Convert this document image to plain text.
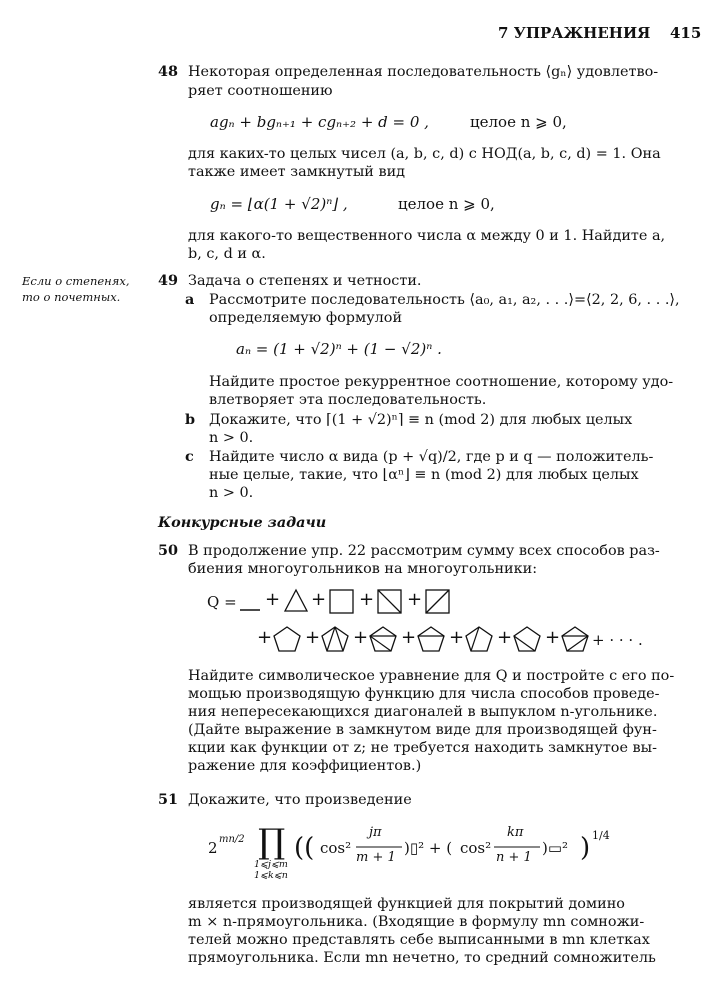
7 УПРАЖНЕНИЯ 415
48 Некоторая определенная последовательность ⟨gₙ⟩ удовлетво-
ряет соотношению
agₙ + bgₙ₊₁ + cgₙ₊₂ + d = 0 ,	целое n ⩾ 0,
для каких-то целых чисел (a, b, c, d) с НОД(a, b, c, d) = 1. Она
также имеет замкнутый вид
gₙ = ⌊α(1 + √2)ⁿ⌋ ,	целое n ⩾ 0,
для какого-то вещественного числа α между 0 и 1. Найдите a,
b, c, d и α.
Если о степенях,
то о почетных.
49 Задача о степенях и четности.
a Рассмотрите последовательность ⟨a₀, a₁, a₂, . . .⟩=⟨2, 2, 6, . . .⟩,
определяемую формулой
aₙ = (1 + √2)ⁿ + (1 − √2)ⁿ .
Найдите простое рекуррентное соотношение, которому удо-
влетворяет эта последовательность.
b Докажите, что ⌈(1 + √2)ⁿ⌉ ≡ n (mod 2) для любых целых
n > 0.
c Найдите число α вида (p + √q)/2, где p и q — положитель-
ные целые, такие, что ⌊αⁿ⌋ ≡ n (mod 2) для любых целых
n > 0.
Конкурсные задачи
50 В продолжение упр. 22 рассмотрим сумму всех способов раз-
биения многоугольников на многоугольники:
Q = + + + +
+ + + + + + + + · · · .
Найдите символическое уравнение для Q и постройте с его по-
мощью производящую функцию для числа способов проведе-
ния непересекающихся диагоналей в выпуклом n-угольнике.
(Дайте выражение в замкнутом виде для производящей фун-
кции как функции от z; не требуется находить замкнутое вы-
ражение для коэффициентов.)
51 Докажите, что произведение
2 mn/2 ∏
1⩽j⩽m
1⩽k⩽n
(( cos²
jπ
m + 1
)▯² + ( cos²
kπ
n + 1
)▭² ) 1/4
является производящей функцией для покрытий домино
m × n-прямоугольника. (Входящие в формулу mn сомножи-
телей можно представлять себе выписанными в mn клетках
прямоугольника. Если mn нечетно, то средний сомножитель
